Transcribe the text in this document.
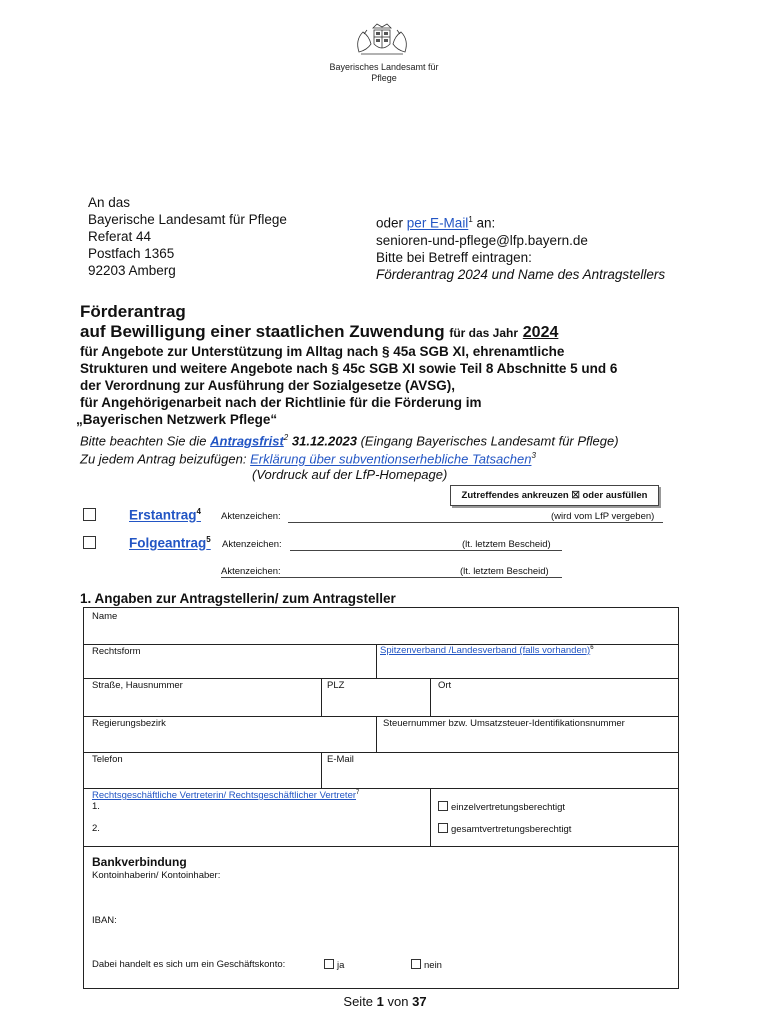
Bayerisches Landesamt für
Pflege
An das
Bayerische Landesamt für Pflege
Referat 44
Postfach 1365
92203 Amberg
oder per E-Mail$^1$ an:
senioren-und-pflege@lfp.bayern.de
Bitte bei Betreff eintragen:
Förderantrag 2024 und Name des Antragstellers
Förderantrag
auf Bewilligung einer staatlichen Zuwendung für das Jahr 2024
für Angebote zur Unterstützung im Alltag nach § 45a SGB XI, ehrenamtliche
Strukturen und weitere Angebote nach § 45c SGB XI sowie Teil 8 Abschnitte 5 und 6
der Verordnung zur Ausführung der Sozialgesetze (AVSG),
für Angehörigenarbeit nach der Richtlinie für die Förderung im
„Bayerischen Netzwerk Pflege“
Bitte beachten Sie die Antragsfrist$^2$ 31.12.2023 (Eingang Bayerisches Landesamt für Pflege)
Zu jedem Antrag beizufügen: Erklärung über subventionserhebliche Tatsachen$^3$
(Vordruck auf der LfP-Homepage)
Zutreffendes ankreuzen ☒ oder ausfüllen
Erstantrag$^4$ Aktenzeichen:	(wird vom LfP vergeben)
Folgeantrag$^5$ Aktenzeichen:	(lt. letztem Bescheid)
Aktenzeichen:	(lt. letztem Bescheid)
1. Angaben zur Antragstellerin/ zum Antragsteller
Name
Rechtsform	Spitzenverband /Landesverband (falls vorhanden)$^6$
Straße, Hausnummer	PLZ	Ort
Regierungsbezirk	Steuernummer bzw. Umsatzsteuer-Identifikationsnummer
Telefon	E-Mail
Rechtsgeschäftliche Vertreterin/ Rechtsgeschäftlicher Vertreter$^7$
1.
2.
einzelvertretungsberechtigt
gesamtvertretungsberechtigt
Bankverbindung
Kontoinhaberin/ Kontoinhaber:
IBAN:
Dabei handelt es sich um ein Geschäftskonto:	ja	nein
Seite 1 von 37
